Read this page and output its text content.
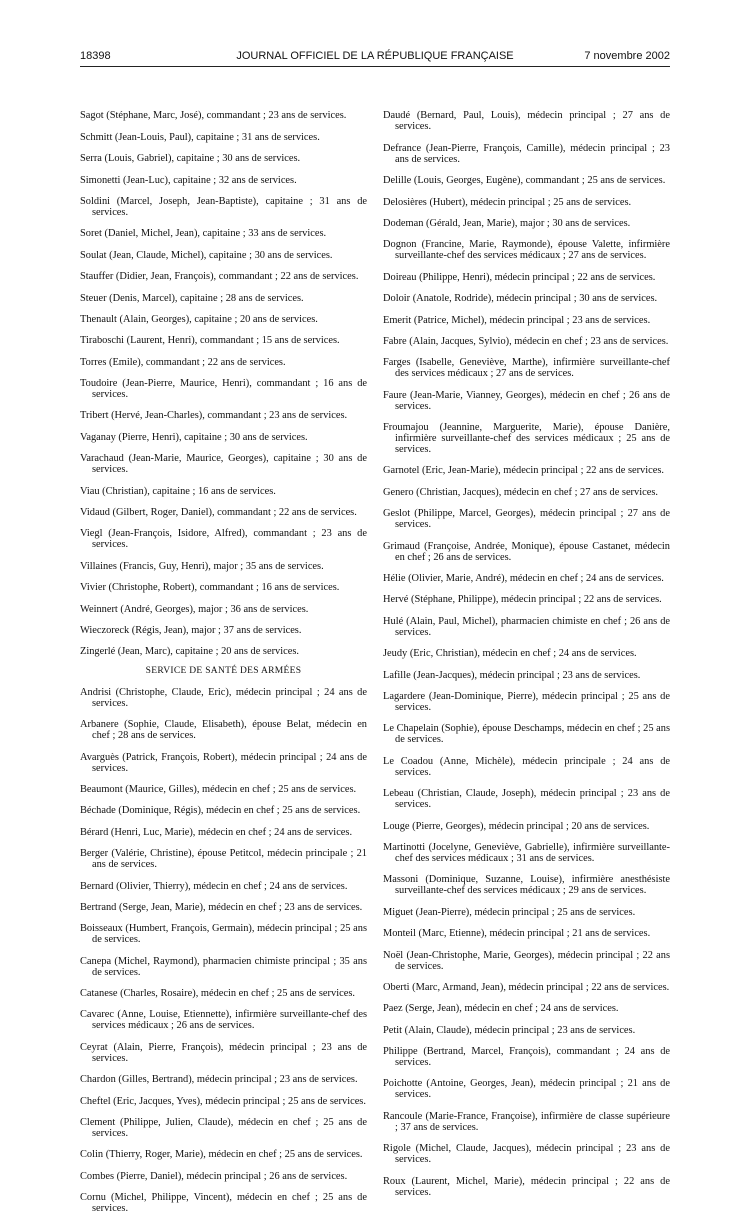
18398	JOURNAL OFFICIEL DE LA RÉPUBLIQUE FRANÇAISE	7 novembre 2002

Sagot (Stéphane, Marc, José), commandant ; 23 ans de services.

Schmitt (Jean-Louis, Paul), capitaine ; 31 ans de services.

Serra (Louis, Gabriel), capitaine ; 30 ans de services.

Simonetti (Jean-Luc), capitaine ; 32 ans de services.

Soldini (Marcel, Joseph, Jean-Baptiste), capitaine ; 31 ans de services.

Soret (Daniel, Michel, Jean), capitaine ; 33 ans de services.

Soulat (Jean, Claude, Michel), capitaine ; 30 ans de services.

Stauffer (Didier, Jean, François), commandant ; 22 ans de services.

Steuer (Denis, Marcel), capitaine ; 28 ans de services.

Thenault (Alain, Georges), capitaine ; 20 ans de services.

Tiraboschi (Laurent, Henri), commandant ; 15 ans de services.

Torres (Emile), commandant ; 22 ans de services.

Toudoire (Jean-Pierre, Maurice, Henri), commandant ; 16 ans de services.

Tribert (Hervé, Jean-Charles), commandant ; 23 ans de services.

Vaganay (Pierre, Henri), capitaine ; 30 ans de services.

Varachaud (Jean-Marie, Maurice, Georges), capitaine ; 30 ans de services.

Viau (Christian), capitaine ; 16 ans de services.

Vidaud (Gilbert, Roger, Daniel), commandant ; 22 ans de services.

Viegl (Jean-François, Isidore, Alfred), commandant ; 23 ans de services.

Villaines (Francis, Guy, Henri), major ; 35 ans de services.

Vivier (Christophe, Robert), commandant ; 16 ans de services.

Weinnert (André, Georges), major ; 36 ans de services.

Wieczoreck (Régis, Jean), major ; 37 ans de services.

Zingerlé (Jean, Marc), capitaine ; 20 ans de services.

SERVICE DE SANTÉ DES ARMÉES

Andrisi (Christophe, Claude, Eric), médecin principal ; 24 ans de services.

Arbanere (Sophie, Claude, Elisabeth), épouse Belat, médecin en chef ; 28 ans de services.

Avarguès (Patrick, François, Robert), médecin principal ; 24 ans de services.

Beaumont (Maurice, Gilles), médecin en chef ; 25 ans de services.

Béchade (Dominique, Régis), médecin en chef ; 25 ans de services.

Bérard (Henri, Luc, Marie), médecin en chef ; 24 ans de services.

Berger (Valérie, Christine), épouse Petitcol, médecin principale ; 21 ans de services.

Bernard (Olivier, Thierry), médecin en chef ; 24 ans de services.

Bertrand (Serge, Jean, Marie), médecin en chef ; 23 ans de services.

Boisseaux (Humbert, François, Germain), médecin principal ; 25 ans de services.

Canepa (Michel, Raymond), pharmacien chimiste principal ; 35 ans de services.

Catanese (Charles, Rosaire), médecin en chef ; 25 ans de services.

Cavarec (Anne, Louise, Etiennette), infirmière surveillante-chef des services médicaux ; 26 ans de services.

Ceyrat (Alain, Pierre, François), médecin principal ; 23 ans de services.

Chardon (Gilles, Bertrand), médecin principal ; 23 ans de services.

Cheftel (Eric, Jacques, Yves), médecin principal ; 25 ans de services.

Clement (Philippe, Julien, Claude), médecin en chef ; 25 ans de services.

Colin (Thierry, Roger, Marie), médecin en chef ; 25 ans de services.

Combes (Pierre, Daniel), médecin principal ; 26 ans de services.

Cornu (Michel, Philippe, Vincent), médecin en chef ; 25 ans de services.

Daudé (Bernard, Paul, Louis), médecin principal ; 27 ans de services.

Defrance (Jean-Pierre, François, Camille), médecin principal ; 23 ans de services.

Delille (Louis, Georges, Eugène), commandant ; 25 ans de services.

Delosières (Hubert), médecin principal ; 25 ans de services.

Dodeman (Gérald, Jean, Marie), major ; 30 ans de services.

Dognon (Francine, Marie, Raymonde), épouse Valette, infirmière surveillante-chef des services médicaux ; 27 ans de services.

Doireau (Philippe, Henri), médecin principal ; 22 ans de services.

Doloir (Anatole, Rodride), médecin principal ; 30 ans de services.

Emerit (Patrice, Michel), médecin principal ; 23 ans de services.

Fabre (Alain, Jacques, Sylvio), médecin en chef ; 23 ans de services.

Farges (Isabelle, Geneviève, Marthe), infirmière surveillante-chef des services médicaux ; 27 ans de services.

Faure (Jean-Marie, Vianney, Georges), médecin en chef ; 26 ans de services.

Froumajou (Jeannine, Marguerite, Marie), épouse Danière, infirmière surveillante-chef des services médicaux ; 25 ans de services.

Garnotel (Eric, Jean-Marie), médecin principal ; 22 ans de services.

Genero (Christian, Jacques), médecin en chef ; 27 ans de services.

Geslot (Philippe, Marcel, Georges), médecin principal ; 27 ans de services.

Grimaud (Françoise, Andrée, Monique), épouse Castanet, médecin en chef ; 26 ans de services.

Hélie (Olivier, Marie, André), médecin en chef ; 24 ans de services.

Hervé (Stéphane, Philippe), médecin principal ; 22 ans de services.

Hulé (Alain, Paul, Michel), pharmacien chimiste en chef ; 26 ans de services.

Jeudy (Eric, Christian), médecin en chef ; 24 ans de services.

Lafille (Jean-Jacques), médecin principal ; 23 ans de services.

Lagardere (Jean-Dominique, Pierre), médecin principal ; 25 ans de services.

Le Chapelain (Sophie), épouse Deschamps, médecin en chef ; 25 ans de services.

Le Coadou (Anne, Michèle), médecin principale ; 24 ans de services.

Lebeau (Christian, Claude, Joseph), médecin principal ; 23 ans de services.

Louge (Pierre, Georges), médecin principal ; 20 ans de services.

Martinotti (Jocelyne, Geneviève, Gabrielle), infirmière surveillante-chef des services médicaux ; 31 ans de services.

Massoni (Dominique, Suzanne, Louise), infirmière anesthésiste surveillante-chef des services médicaux ; 29 ans de services.

Miguet (Jean-Pierre), médecin principal ; 25 ans de services.

Monteil (Marc, Etienne), médecin principal ; 21 ans de services.

Noël (Jean-Christophe, Marie, Georges), médecin principal ; 22 ans de services.

Oberti (Marc, Armand, Jean), médecin principal ; 22 ans de services.

Paez (Serge, Jean), médecin en chef ; 24 ans de services.

Petit (Alain, Claude), médecin principal ; 23 ans de services.

Philippe (Bertrand, Marcel, François), commandant ; 24 ans de services.

Poichotte (Antoine, Georges, Jean), médecin principal ; 21 ans de services.

Rancoule (Marie-France, Françoise), infirmière de classe supérieure ; 37 ans de services.

Rigole (Michel, Claude, Jacques), médecin principal ; 23 ans de services.

Roux (Laurent, Michel, Marie), médecin principal ; 22 ans de services.
